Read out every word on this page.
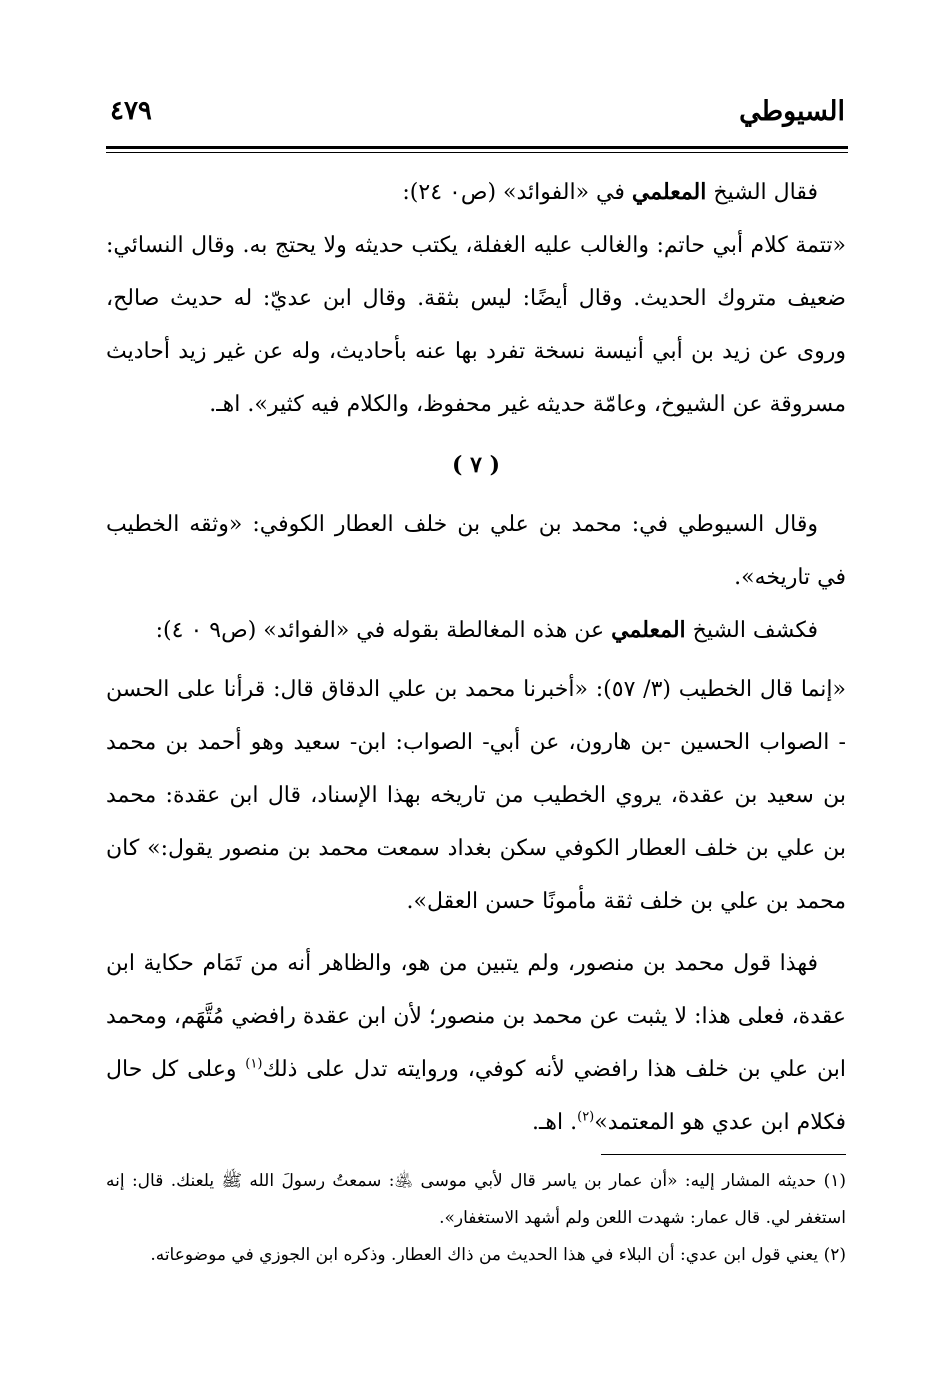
السيوطي
٤٧٩

فقال الشيخ المعلمي في «الفوائد» (ص٠ ٢٤):

«تتمة كلام أبي حاتم: والغالب عليه الغفلة، يكتب حديثه ولا يحتج به. وقال النسائي: ضعيف متروك الحديث. وقال أيضًا: ليس بثقة. وقال ابن عديّ: له حديث صالح، وروى عن زيد بن أبي أنيسة نسخة تفرد بها عنه بأحاديث، وله عن غير زيد أحاديث مسروقة عن الشيوخ، وعامّة حديثه غير محفوظ، والكلام فيه كثير». اهـ.

( ٧ )

وقال السيوطي في: محمد بن علي بن خلف العطار الكوفي: «وثقه الخطيب في تاريخه».

فكشف الشيخ المعلمي عن هذه المغالطة بقوله في «الفوائد» (ص٩ ٠ ٤):

«إنما قال الخطيب (٣/ ٥٧): «أخبرنا محمد بن علي الدقاق قال: قرأنا على الحسن - الصواب الحسين -بن هارون، عن أبي- الصواب: ابن- سعيد وهو أحمد بن محمد بن سعيد بن عقدة، يروي الخطيب من تاريخه بهذا الإسناد، قال ابن عقدة: محمد بن علي بن خلف العطار الكوفي سكن بغداد سمعت محمد بن منصور يقول:» كان محمد بن علي بن خلف ثقة مأمونًا حسن العقل».

فهذا قول محمد بن منصور، ولم يتبين من هو، والظاهر أنه من تَمَام حكاية ابن عقدة، فعلى هذا: لا يثبت عن محمد بن منصور؛ لأن ابن عقدة رافضي مُتَّهَم، ومحمد ابن علي بن خلف هذا رافضي لأنه كوفي، وروايته تدل على ذلك$^{(١)}$ وعلى كل حال فكلام ابن عدي هو المعتمد»$^{(٢)}$. اهـ.

(١) حديثه المشار إليه: «أن عمار بن ياسر قال لأبي موسى ﵁: سمعتُ رسولَ الله ﷺ يلعنك. قال: إنه استغفر لي. قال عمار: شهدت اللعن ولم أشهد الاستغفار».

(٢) يعني قول ابن عدي: أن البلاء في هذا الحديث من ذاك العطار. وذكره ابن الجوزي في موضوعاته.
